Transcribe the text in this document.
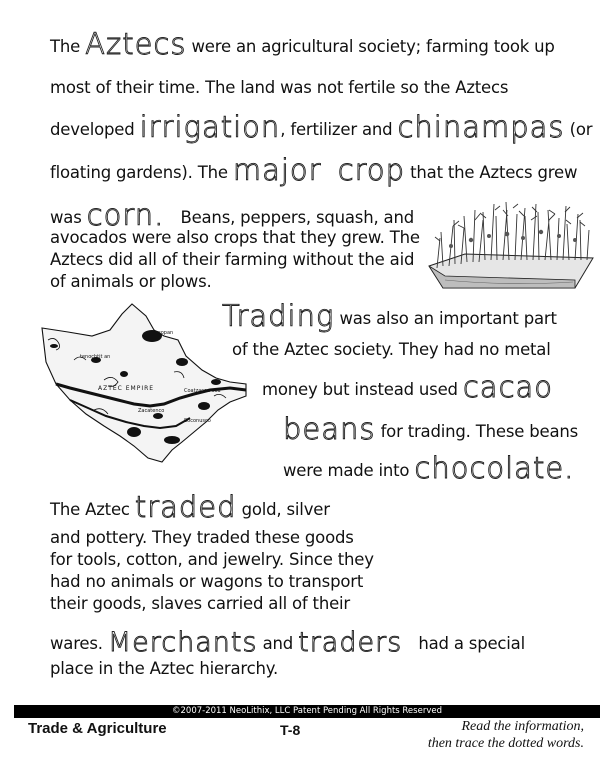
The Aztecs were an agricultural society; farming took up
most of their time. The land was not fertile so the Aztecs
developed irrigation, fertilizer and chinampas (or
floating gardens). The major crop that the Aztecs grew
was corn. Beans, peppers, squash, and
avocados were also crops that they grew. The
Aztecs did all of their farming without the aid
of animals or plows.
Trading was also an important part
of the Aztec society. They had no metal
money but instead used cacao
beans for trading. These beans
were made into chocolate.
copan
tenochtit an
AZTEC EMPIRE	Coatzacoa coa
Zacatenco
Soconusco
The Aztec traded gold, silver
and pottery. They traded these goods
for tools, cotton, and jewelry. Since they
had no animals or wagons to transport
their goods, slaves carried all of their
wares. Merchants and traders had a special
place in the Aztec hierarchy.
©2007-2011 NeoLithix, LLC Patent Pending All Rights Reserved
Trade & Agriculture	T-8	Read the information,
then trace the dotted words.
